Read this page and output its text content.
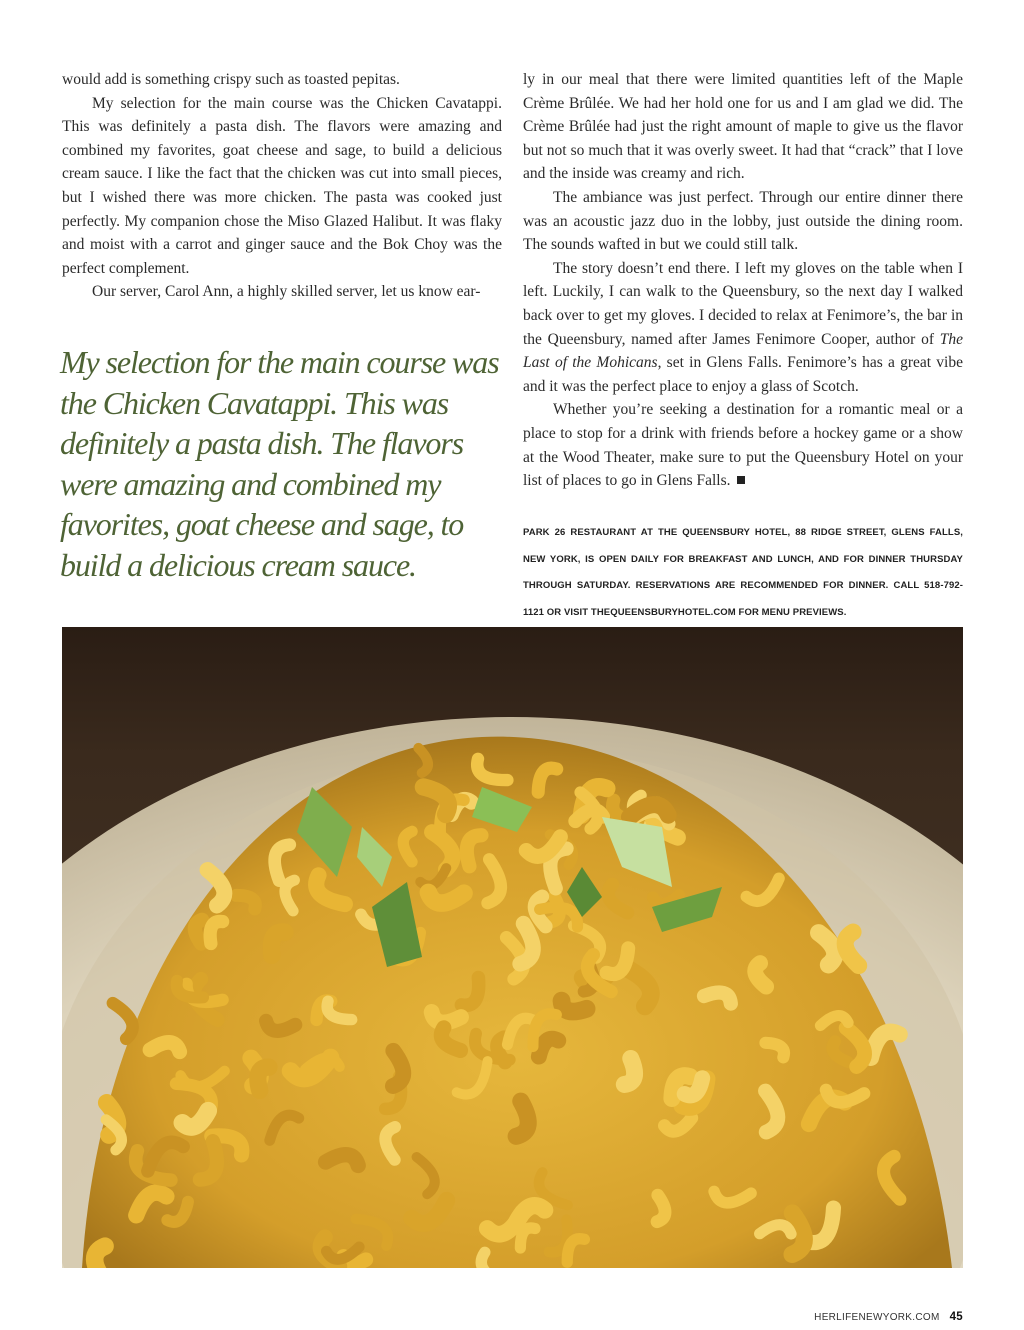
would add is something crispy such as toasted pepitas.

My selection for the main course was the Chicken Cavatappi. This was definitely a pasta dish. The flavors were amazing and combined my favorites, goat cheese and sage, to build a delicious cream sauce. I like the fact that the chicken was cut into small pieces, but I wished there was more chicken. The pasta was cooked just perfectly. My companion chose the Miso Glazed Halibut. It was flaky and moist with a carrot and ginger sauce and the Bok Choy was the perfect complement.

Our server, Carol Ann, a highly skilled server, let us know ear-

My selection for the main course was the Chicken Cavatappi. This was definitely a pasta dish. The flavors were amazing and combined my favorites, goat cheese and sage, to build a delicious cream sauce.

ly in our meal that there were limited quantities left of the Maple Crème Brûlée. We had her hold one for us and I am glad we did. The Crème Brûlée had just the right amount of maple to give us the flavor but not so much that it was overly sweet. It had that “crack” that I love and the inside was creamy and rich.

The ambiance was just perfect. Through our entire dinner there was an acoustic jazz duo in the lobby, just outside the dining room. The sounds wafted in but we could still talk.

The story doesn’t end there. I left my gloves on the table when I left. Luckily, I can walk to the Queensbury, so the next day I walked back over to get my gloves. I decided to relax at Fenimore’s, the bar in the Queensbury, named after James Fenimore Cooper, author of The Last of the Mohicans, set in Glens Falls. Fenimore’s has a great vibe and it was the perfect place to enjoy a glass of Scotch.

Whether you’re seeking a destination for a romantic meal or a place to stop for a drink with friends before a hockey game or a show at the Wood Theater, make sure to put the Queensbury Hotel on your list of places to go in Glens Falls.

PARK 26 RESTAURANT AT THE QUEENSBURY HOTEL, 88 RIDGE STREET, GLENS FALLS, NEW YORK, IS OPEN DAILY FOR BREAKFAST AND LUNCH, AND FOR DINNER THURSDAY THROUGH SATURDAY. RESERVATIONS ARE RECOMMENDED FOR DINNER. CALL 518-792-1121 OR VISIT THEQUEENSBURYHOTEL.COM FOR MENU PREVIEWS.
HERLIFENEWYORK.COM 45
